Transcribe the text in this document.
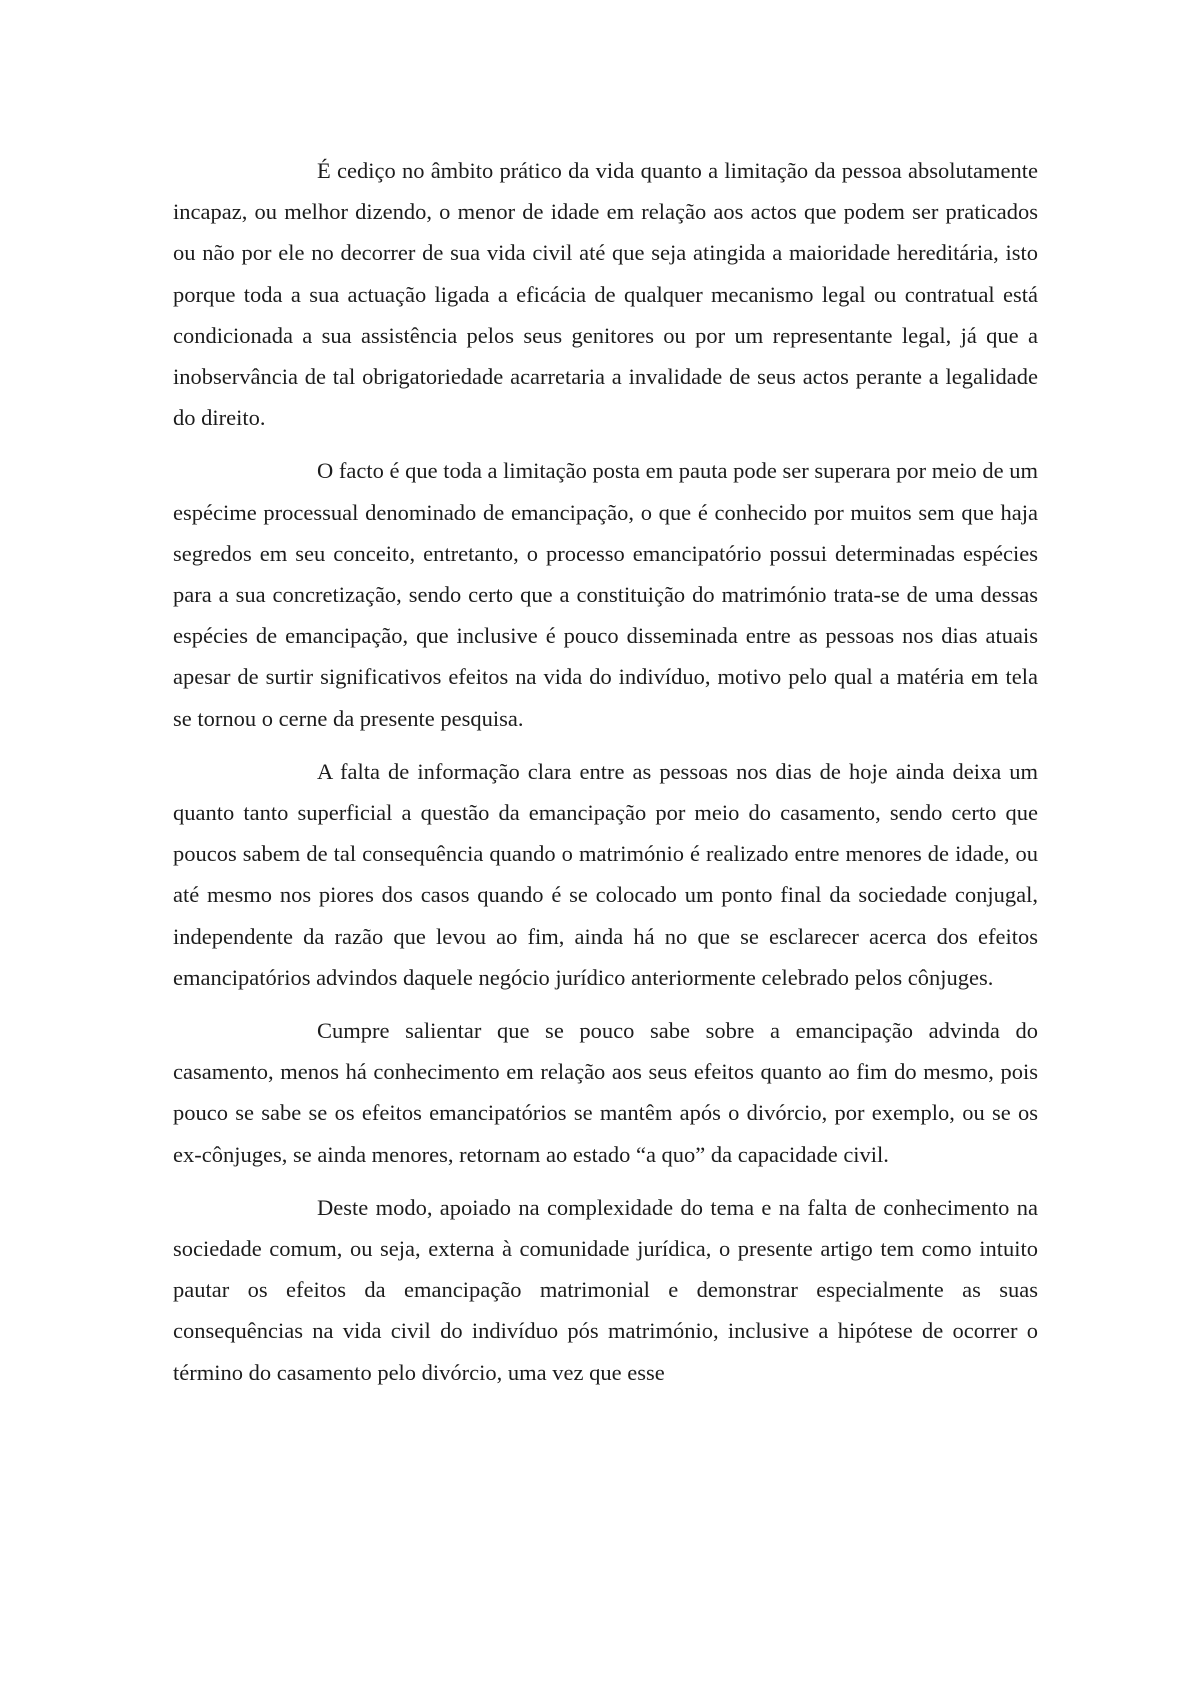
É cediço no âmbito prático da vida quanto a limitação da pessoa absolutamente incapaz, ou melhor dizendo, o menor de idade em relação aos actos que podem ser praticados ou não por ele no decorrer de sua vida civil até que seja atingida a maioridade hereditária, isto porque toda a sua actuação ligada a eficácia de qualquer mecanismo legal ou contratual está condicionada a sua assistência pelos seus genitores ou por um representante legal, já que a inobservância de tal obrigatoriedade acarretaria a invalidade de seus actos perante a legalidade do direito.

O facto é que toda a limitação posta em pauta pode ser superara por meio de um espécime processual denominado de emancipação, o que é conhecido por muitos sem que haja segredos em seu conceito, entretanto, o processo emancipatório possui determinadas espécies para a sua concretização, sendo certo que a constituição do matrimónio trata-se de uma dessas espécies de emancipação, que inclusive é pouco disseminada entre as pessoas nos dias atuais apesar de surtir significativos efeitos na vida do indivíduo, motivo pelo qual a matéria em tela se tornou o cerne da presente pesquisa.

A falta de informação clara entre as pessoas nos dias de hoje ainda deixa um quanto tanto superficial a questão da emancipação por meio do casamento, sendo certo que poucos sabem de tal consequência quando o matrimónio é realizado entre menores de idade, ou até mesmo nos piores dos casos quando é se colocado um ponto final da sociedade conjugal, independente da razão que levou ao fim, ainda há no que se esclarecer acerca dos efeitos emancipatórios advindos daquele negócio jurídico anteriormente celebrado pelos cônjuges.

Cumpre salientar que se pouco sabe sobre a emancipação advinda do casamento, menos há conhecimento em relação aos seus efeitos quanto ao fim do mesmo, pois pouco se sabe se os efeitos emancipatórios se mantêm após o divórcio, por exemplo, ou se os ex-cônjuges, se ainda menores, retornam ao estado “a quo” da capacidade civil.

Deste modo, apoiado na complexidade do tema e na falta de conhecimento na sociedade comum, ou seja, externa à comunidade jurídica, o presente artigo tem como intuito pautar os efeitos da emancipação matrimonial e demonstrar especialmente as suas consequências na vida civil do indivíduo pós matrimónio, inclusive a hipótese de ocorrer o término do casamento pelo divórcio, uma vez que esse
